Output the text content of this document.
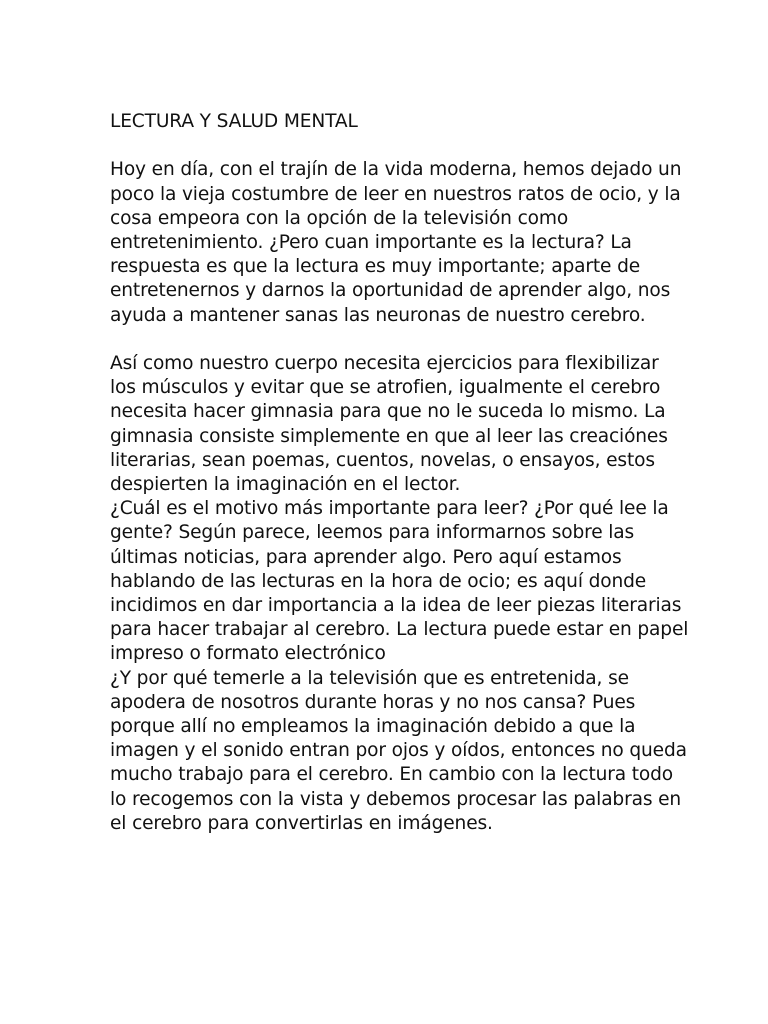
LECTURA Y SALUD MENTAL

Hoy en día, con el trajín de la vida moderna, hemos dejado un poco la vieja costumbre de leer en nuestros ratos de ocio, y la cosa empeora con la opción de la televisión como entretenimiento. ¿Pero cuan importante es la lectura? La respuesta es que la lectura es muy importante; aparte de entretenernos y darnos la oportunidad de aprender algo, nos ayuda a mantener sanas las neuronas de nuestro cerebro.

Así como nuestro cuerpo necesita ejercicios para flexibilizar los músculos y evitar que se atrofien, igualmente el cerebro necesita hacer gimnasia para que no le suceda lo mismo. La gimnasia consiste simplemente en que al leer las creaciónes literarias, sean poemas, cuentos, novelas, o ensayos, estos despierten la imaginación en el lector.

¿Cuál es el motivo más importante para leer? ¿Por qué lee la gente? Según parece, leemos para informarnos sobre las últimas noticias, para aprender algo. Pero aquí estamos hablando de las lecturas en la hora de ocio; es aquí donde incidimos en dar importancia a la idea de leer piezas literarias para hacer trabajar al cerebro. La lectura puede estar en papel impreso o formato electrónico

¿Y por qué temerle a la televisión que es entretenida, se apodera de nosotros durante horas y no nos cansa? Pues porque allí no empleamos la imaginación debido a que la imagen y el sonido entran por ojos y oídos, entonces no queda mucho trabajo para el cerebro. En cambio con la lectura todo lo recogemos con la vista y debemos procesar las palabras en el cerebro para convertirlas en imágenes.
